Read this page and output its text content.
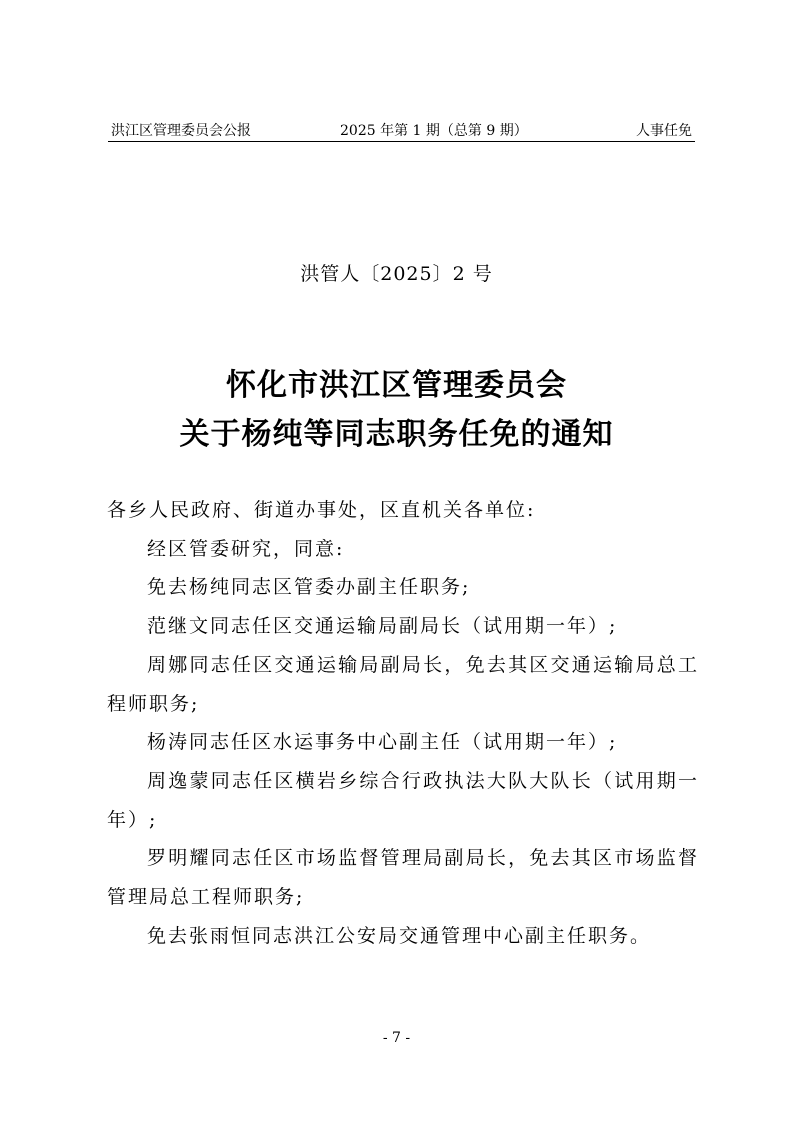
洪江区管理委员会公报	2025 年第 1 期（总第 9 期）	人事任免
洪管人〔2025〕2 号
怀化市洪江区管理委员会
关于杨纯等同志职务任免的通知

各乡人民政府、街道办事处，区直机关各单位:

经区管委研究，同意:

免去杨纯同志区管委办副主任职务;

范继文同志任区交通运输局副局长（试用期一年）;

周娜同志任区交通运输局副局长，免去其区交通运输局总工程师职务;

杨涛同志任区水运事务中心副主任（试用期一年）;

周逸蒙同志任区横岩乡综合行政执法大队大队长（试用期一年）;

罗明耀同志任区市场监督管理局副局长，免去其区市场监督管理局总工程师职务;

免去张雨恒同志洪江公安局交通管理中心副主任职务。

- 7 -
